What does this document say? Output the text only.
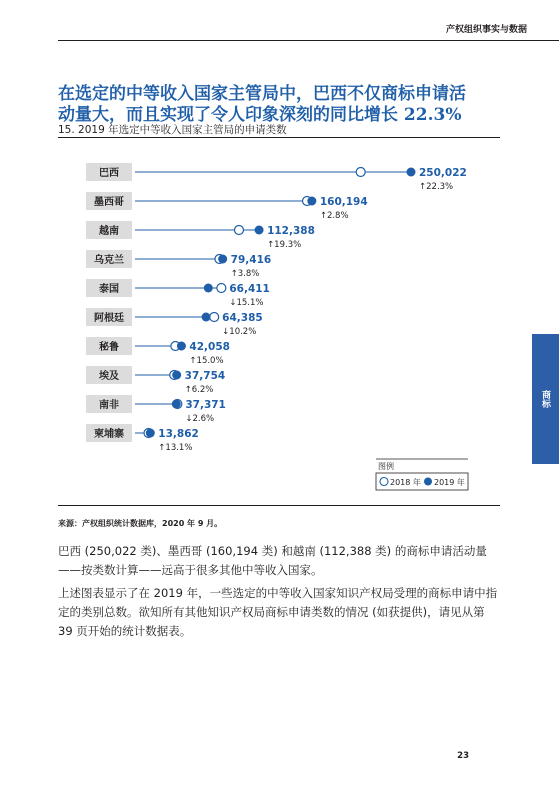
产权组织事实与数据
在选定的中等收入国家主管局中，巴西不仅商标申请活动量大，而且实现了令人印象深刻的同比增长 22.3%
15. 2019 年选定中等收入国家主管局的申请类数
巴西	250,022
↑22.3%
墨西哥	160,194
↑2.8%
越南	112,388
↑19.3%
乌克兰	79,416
↑3.8%
泰国	66,411
↓15.1%
阿根廷	64,385
↓10.2%
秘鲁	42,058
↑15.0%
埃及	37,754
↑6.2%
南非	37,371
↓2.6%
柬埔寨	13,862
↑13.1%
图例
2018 年 2019 年
来源：产权组织统计数据库，2020 年 9 月。

巴西 (250,022 类)、墨西哥 (160,194 类) 和越南 (112,388 类) 的商标申请活动量——按类数计算——远高于很多其他中等收入国家。

上述图表显示了在 2019 年，一些选定的中等收入国家知识产权局受理的商标申请中指定的类别总数。欲知所有其他知识产权局商标申请类数的情况 (如获提供)，请见从第 39 页开始的统计数据表。

商标
23
